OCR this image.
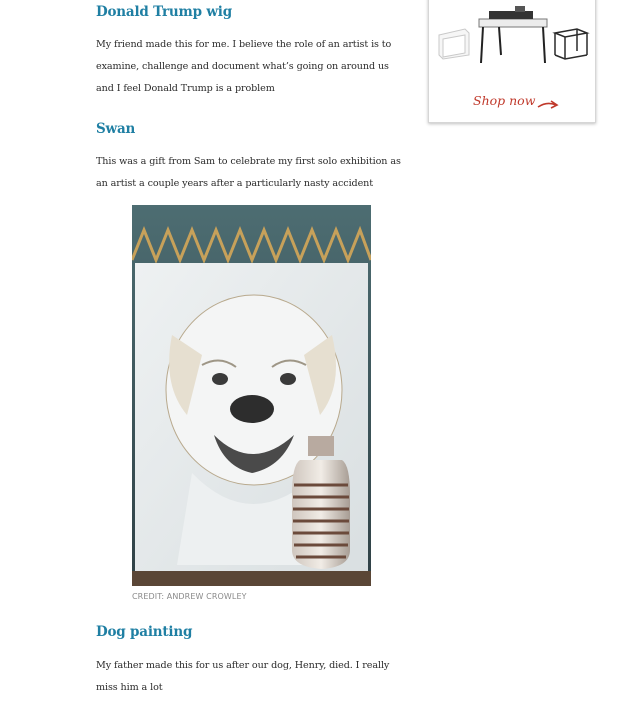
Donald Trump wig

My friend made this for me. I believe the role of an artist is to examine, challenge and document what’s going on around us and I feel Donald Trump is a problem

Swan

This was a gift from Sam to celebrate my first solo exhibition as an artist a couple years after a particularly nasty accident

CREDIT: ANDREW CROWLEY

Dog painting

My father made this for us after our dog, Henry, died. I really miss him a lot

Shop now
